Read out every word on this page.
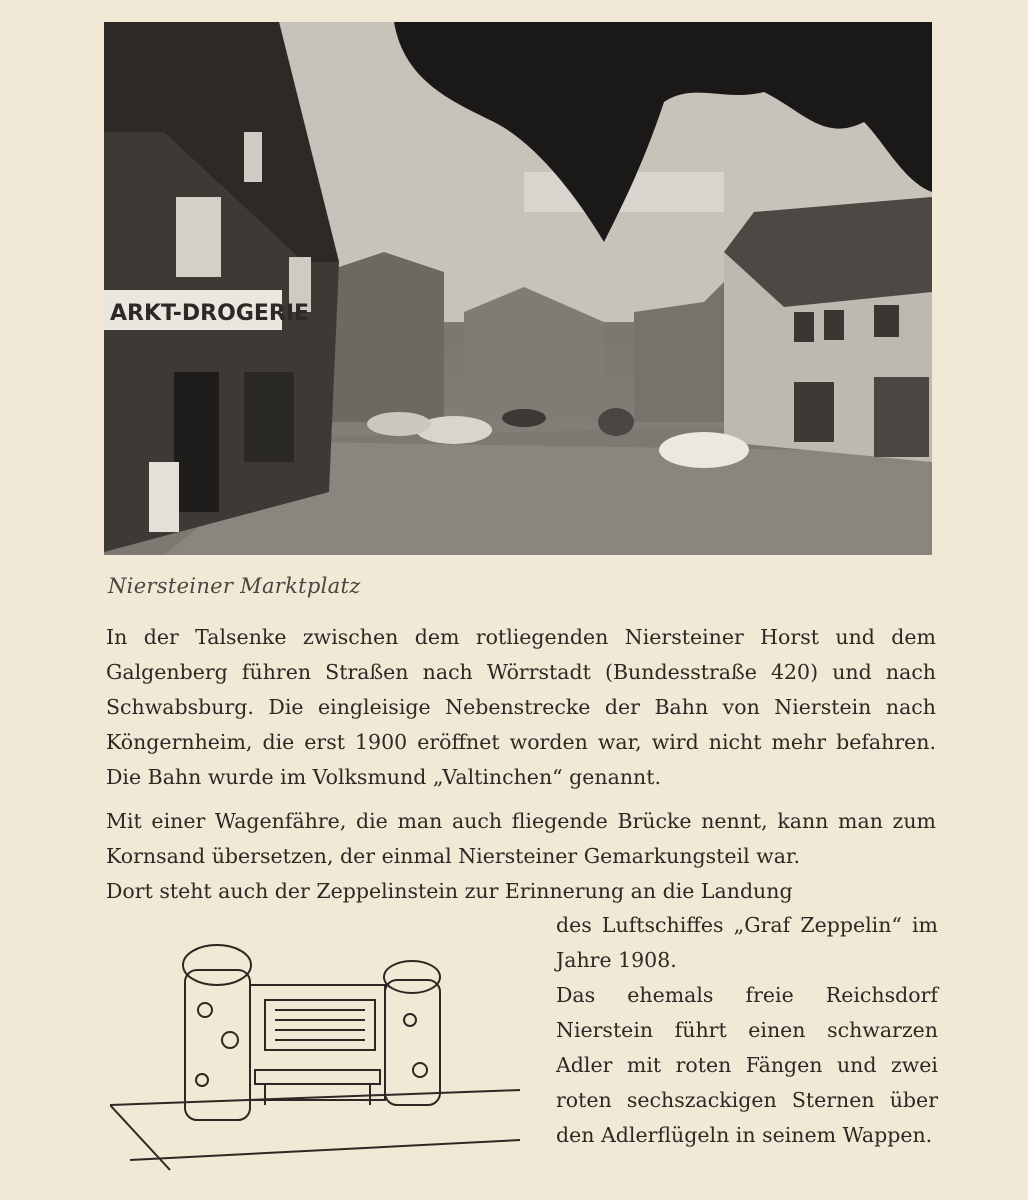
ARKT-DROGERIE
Niersteiner Marktplatz

In der Talsenke zwischen dem rotliegenden Niersteiner Horst und dem Galgenberg führen Straßen nach Wörrstadt (Bundesstraße 420) und nach Schwabsburg. Die eingleisige Nebenstrecke der Bahn von Nierstein nach Köngernheim, die erst 1900 eröffnet worden war, wird nicht mehr befahren. Die Bahn wurde im Volksmund „Valtinchen“ genannt.

Mit einer Wagenfähre, die man auch fliegende Brücke nennt, kann man zum Kornsand übersetzen, der einmal Niersteiner Gemarkungsteil war.

Dort steht auch der Zeppelinstein zur Erinnerung an die Landung

des Luftschiffes „Graf Zeppelin“ im Jahre 1908.

Das ehemals freie Reichsdorf Nierstein führt einen schwarzen Adler mit roten Fängen und zwei roten sechszackigen Sternen über den Adlerflügeln in seinem Wappen.
